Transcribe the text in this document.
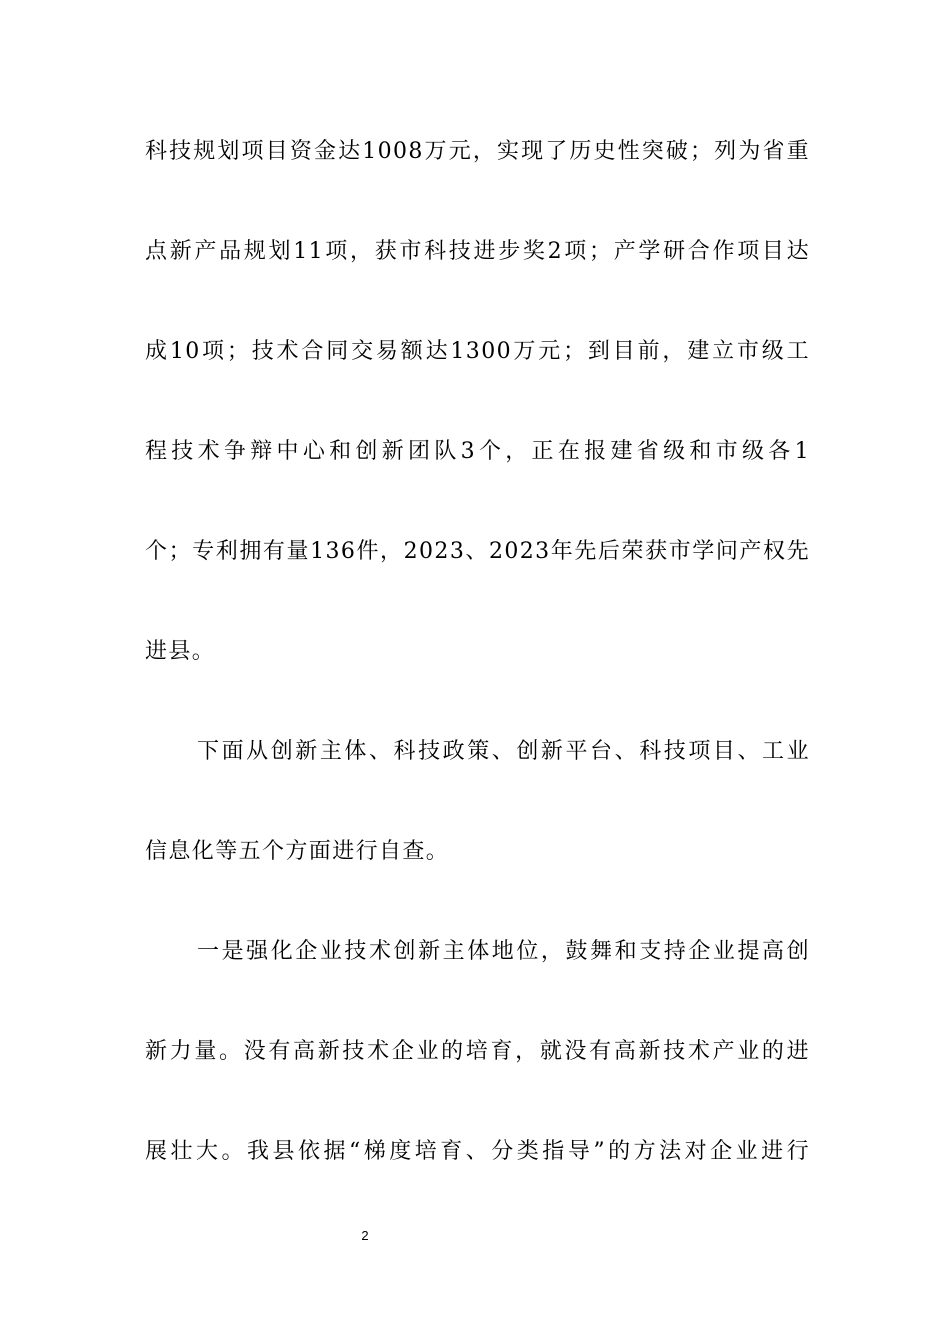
科技规划项目资金达1008万元，实现了历史性突破；列为省重
点新产品规划11项，获市科技进步奖2项；产学研合作项目达
成10项；技术合同交易额达1300万元；到目前，建立市级工
程技术争辩中心和创新团队3个，正在报建省级和市级各1
个；专利拥有量136件，2023、2023年先后荣获市学问产权先
进县。
下面从创新主体、科技政策、创新平台、科技项目、工业
信息化等五个方面进行自查。
一是强化企业技术创新主体地位，鼓舞和支持企业提高创
新力量。没有高新技术企业的培育，就没有高新技术产业的进
展壮大。我县依据“梯度培育、分类指导”的方法对企业进行
2
